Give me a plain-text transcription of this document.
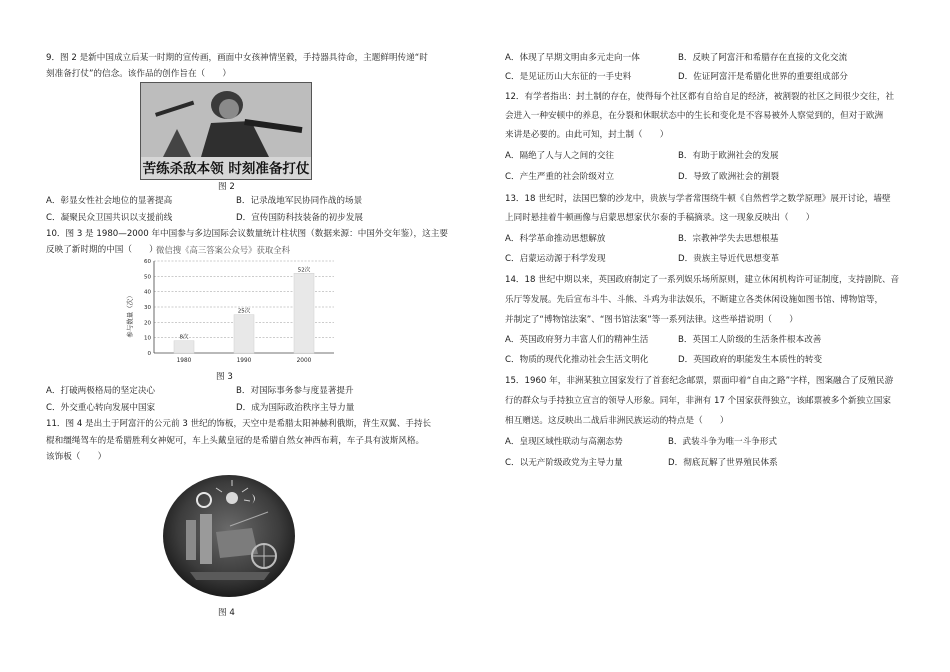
9．图 2 是新中国成立后某一时期的宣传画，画面中女孩神情坚毅，手持器具待命，主题鲜明传递“时
刻准备打仗”的信念。该作品的创作旨在（　　）
苦练杀敌本领 时刻准备打仗
图 2
A．彰显女性社会地位的显著提高	B．记录战地军民协同作战的场景
C．凝聚民众卫国共识以支援前线	D．宣传国防科技装备的初步发展
10．图 3 是 1980—2000 年中国参与多边国际会议数量统计柱状图（数据来源：中国外交年鉴），这主要
反映了新时期的中国（　　）
微信搜《高三答案公众号》获取全科
0
10
20
30
40
50
60
8次
1980
25次
1990
52次
2000
参与数量（次）
图 3
A．打破两极格局的坚定决心	B．对国际事务参与度显著提升
C．外交重心转向发展中国家	D．成为国际政治秩序主导力量
11．图 4 是出土于阿富汗的公元前 3 世纪的饰板，天空中是希腊太阳神赫利俄斯，背生双翼、手持长
棍和缰绳驾车的是希腊胜利女神妮可，车上头戴皇冠的是希腊自然女神西布莉，车子具有波斯风格。
该饰板（　　）
图 4
A．体现了早期文明由多元走向一体	B．反映了阿富汗和希腊存在直接的文化交流
C．是见证历山大东征的一手史料	D．佐证阿富汗是希腊化世界的重要组成部分
12．有学者指出：封土制的存在，使得每个社区都有自给自足的经济，被割裂的社区之间很少交往，社
会进入一种安顿中的养息，在分裂和休眠状态中的生长和变化是不容易被外人察觉到的，但对于欧洲
来讲是必要的。由此可知，封土制（　　）
A．隔绝了人与人之间的交往	B．有助于欧洲社会的发展
C．产生严重的社会阶级对立	D．导致了欧洲社会的割裂
13．18 世纪时，法国巴黎的沙龙中，贵族与学者常围绕牛顿《自然哲学之数学原理》展开讨论，墙壁
上同时悬挂着牛顿画像与启蒙思想家伏尔泰的手稿摘录。这一现象反映出（　　）
A．科学革命推动思想解放	B．宗教神学失去思想根基
C．启蒙运动源于科学发现	D．贵族主导近代思想变革
14．18 世纪中期以来，英国政府制定了一系列娱乐场所原则，建立休闲机构许可证制度，支持剧院、音
乐厅等发展。先后宣布斗牛、斗熊、斗鸡为非法娱乐，不断建立各类休闲设施如图书馆、博物馆等，
并制定了“博物馆法案”、“图书馆法案”等一系列法律。这些举措说明（　　）
A．英国政府努力丰富人们的精神生活	B．英国工人阶级的生活条件根本改善
C．物质的现代化推动社会生活文明化	D．英国政府的职能发生本质性的转变
15．1960 年，非洲某独立国家发行了首套纪念邮票，票面印着“自由之路”字样，图案融合了反殖民游
行的群众与手持独立宣言的领导人形象。同年，非洲有 17 个国家获得独立，该邮票被多个新独立国家
相互赠送。这反映出二战后非洲民族运动的特点是（　　）
A．皇现区域性联动与高潮态势	B．武装斗争为唯一斗争形式
C．以无产阶级政党为主导力量	D．彻底瓦解了世界殖民体系
